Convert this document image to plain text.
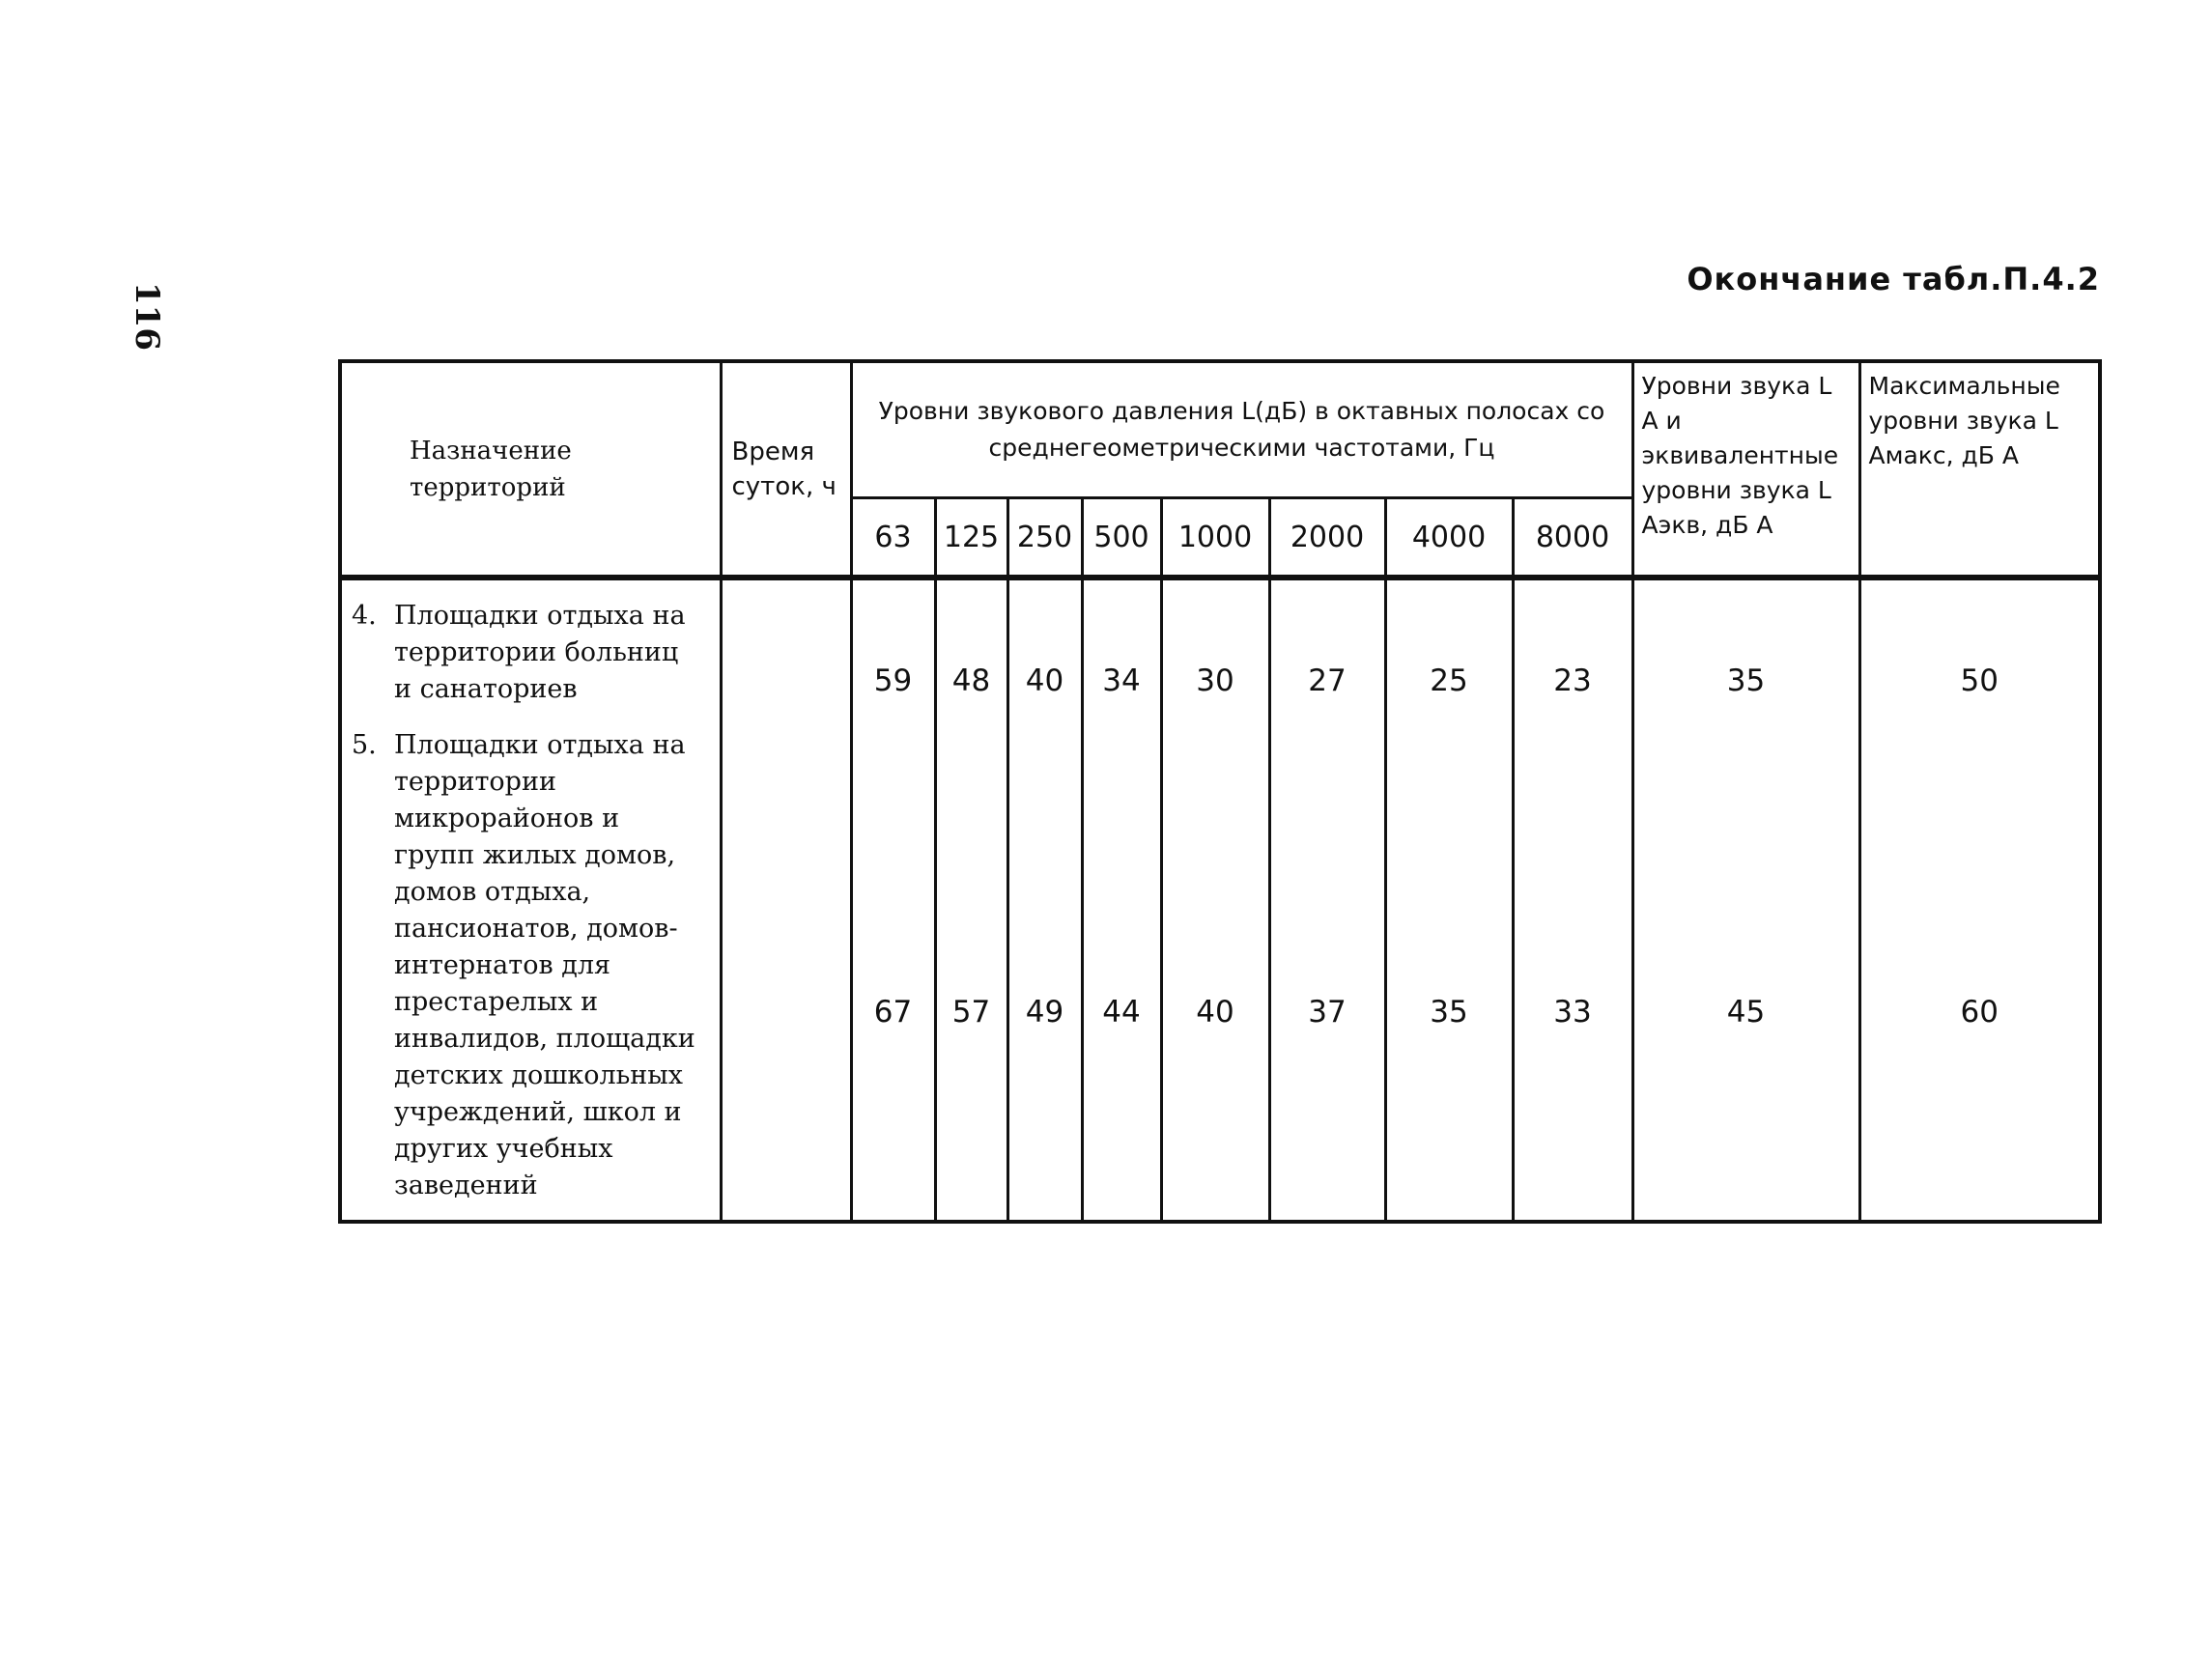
116
Окончание табл.П.4.2
Назначение территорий	Время суток, ч	Уровни звукового давления L(дБ) в октавных полосах со среднегеометрическими частотами, Гц								Уровни звука L А и эквивалентные уровни звука L Аэкв, дБ А	Максимальные уровни звука L Амакс, дБ А
		63	125	250	500	1000	2000	4000	8000		
4. Площадки отдыха на территории больниц и санаториев		59	48	40	34	30	27	25	23	35	50
5. Площадки отдыха на территории микрорайонов и групп жилых домов, домов отдыха, пансионатов, домов-интернатов для престарелых и инвалидов, площадки детских дошкольных учреждений, школ и других учебных заведений		67	57	49	44	40	37	35	33	45	60
